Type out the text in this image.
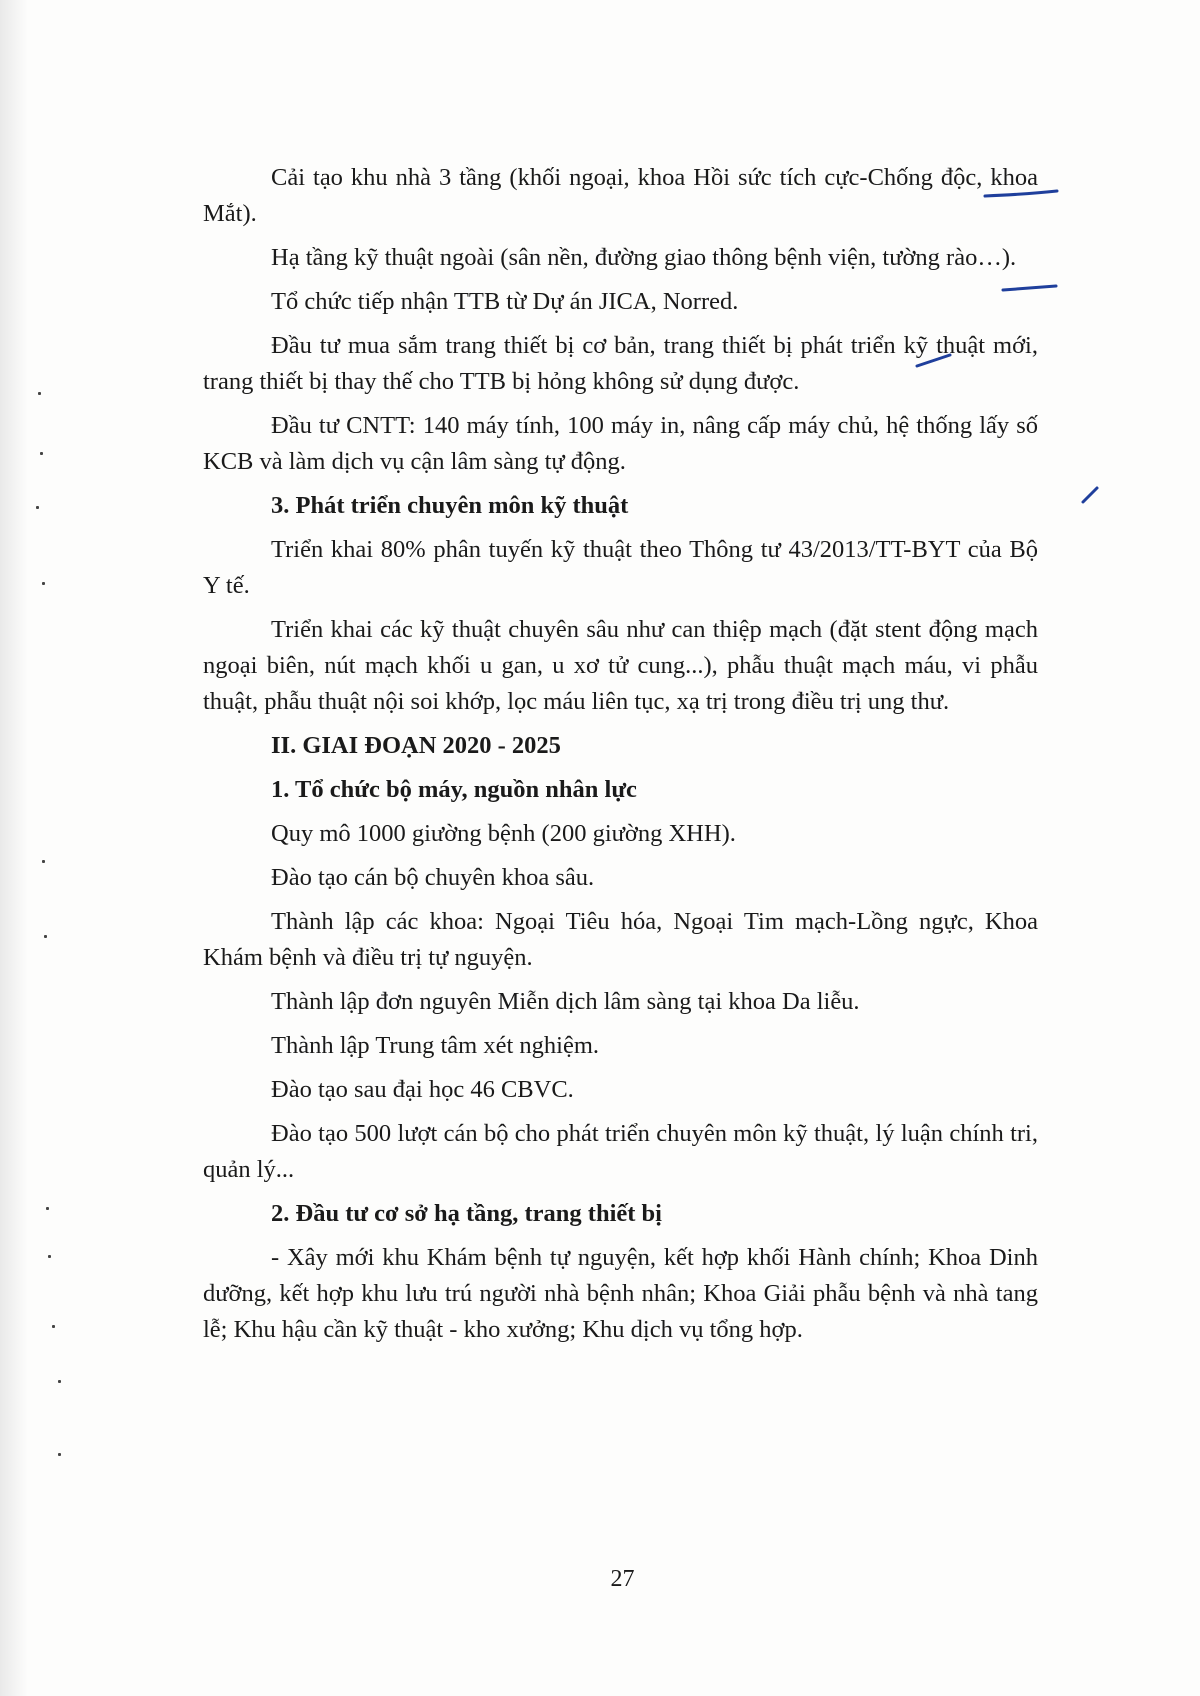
Cải tạo khu nhà 3 tầng (khối ngoại, khoa Hồi sức tích cực-Chống độc, khoa Mắt).

Hạ tầng kỹ thuật ngoài (sân nền, đường giao thông bệnh viện, tường rào…).

Tổ chức tiếp nhận TTB từ Dự án JICA, Norred.

Đầu tư mua sắm trang thiết bị cơ bản, trang thiết bị phát triển kỹ thuật mới, trang thiết bị thay thế cho TTB bị hỏng không sử dụng được.

Đầu tư CNTT: 140 máy tính, 100 máy in, nâng cấp máy chủ, hệ thống lấy số KCB và làm dịch vụ cận lâm sàng tự động.

3. Phát triển chuyên môn kỹ thuật

Triển khai 80% phân tuyến kỹ thuật theo Thông tư 43/2013/TT-BYT của Bộ Y tế.

Triển khai các kỹ thuật chuyên sâu như can thiệp mạch (đặt stent động mạch ngoại biên, nút mạch khối u gan, u xơ tử cung...), phẫu thuật mạch máu, vi phẫu thuật, phẫu thuật nội soi khớp, lọc máu liên tục, xạ trị trong điều trị ung thư.

II. GIAI ĐOẠN 2020 - 2025

1. Tổ chức bộ máy, nguồn nhân lực

Quy mô 1000 giường bệnh (200 giường XHH).

Đào tạo cán bộ chuyên khoa sâu.

Thành lập các khoa: Ngoại Tiêu hóa, Ngoại Tim mạch-Lồng ngực, Khoa Khám bệnh và điều trị tự nguyện.

Thành lập đơn nguyên Miễn dịch lâm sàng tại khoa Da liễu.

Thành lập Trung tâm xét nghiệm.

Đào tạo sau đại học 46 CBVC.

Đào tạo 500 lượt cán bộ cho phát triển chuyên môn kỹ thuật, lý luận chính tri, quản lý...

2. Đầu tư cơ sở hạ tầng, trang thiết bị

- Xây mới khu Khám bệnh tự nguyện, kết hợp khối Hành chính; Khoa Dinh dưỡng, kết hợp khu lưu trú người nhà bệnh nhân; Khoa Giải phẫu bệnh và nhà tang lễ; Khu hậu cần kỹ thuật - kho xưởng; Khu dịch vụ tổng hợp.

27
